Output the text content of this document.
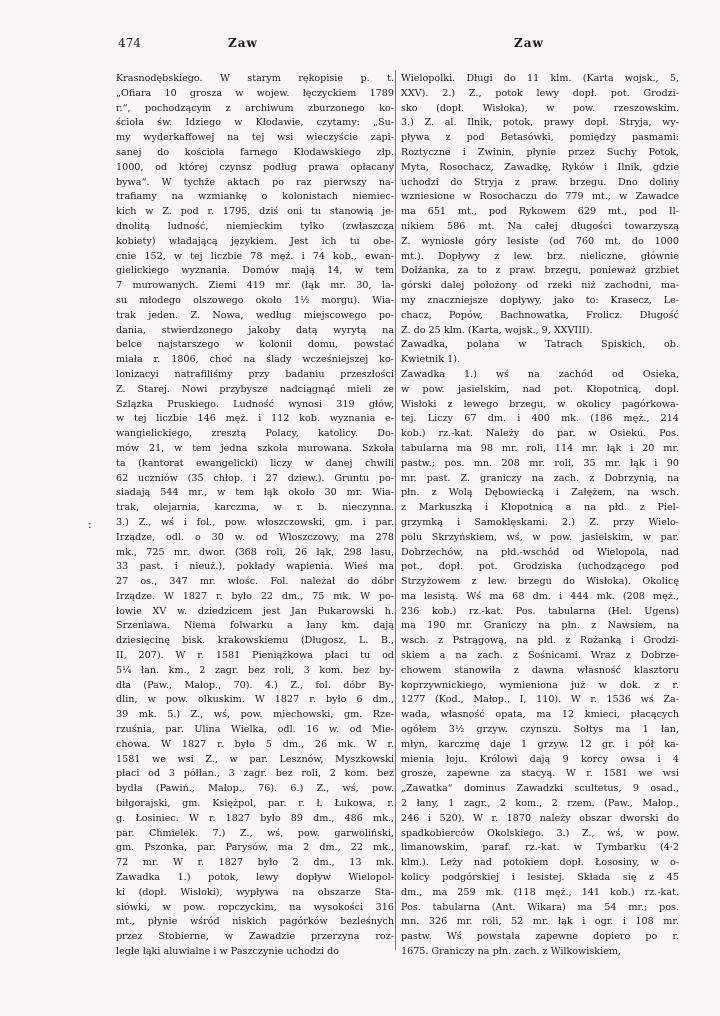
474	Zaw	Zaw
:
Krasnodębskiego. W starym rękopisie p. t.
„Ofiara 10 grosza w wojew. łęczyckiem 1789
r.“, pochodzącym z archiwum zburzonego ko-
ścioła św. Idziego w Kłodawie, czytamy: „Su-
my wyderkaffowej na tej wsi wieczyście zapi-
sanej do kościoła farnego Kłodawskiego złp.
1000, od której czynsz podług prawa opłacany
bywa“. W tychże aktach po raz pierwszy na-
trafiamy na wzmiankę o kolonistach niemiec-
kich w Z. pod r. 1795, dziś oni tu stanowią je-
dnolitą ludność, niemieckim tylko (zwłaszcza
kobiety) władającą językiem. Jest ich tu obe-
cnie 152, w tej liczbie 78 męż. i 74 kob., ewan-
gielickiego wyznania. Domów mają 14, w tem
7 murowanych. Ziemi 419 mr. (łąk mr. 30, la-
su młodego olszowego około 1½ morgu). Wia-
trak jeden. Z. Nowa, według miejscowego po-
dania, stwierdzonego jakoby datą wyrytą na
belce najstarszego w kolonii domu, powstać
miała r. 1806, choć na ślady wcześniejszej ko-
lonizacyi natrafiliśmy przy badaniu przeszłości
Z. Starej. Nowi przybysze nadciągnąć mieli ze
Szlązka Pruskiego. Ludność wynosi 319 głów,
w tej liczbie 146 męż. i 112 kob. wyznania e-
wangielickiego, zresztą Polacy, katolicy. Do-
mów 21, w tem jedna szkoła murowana. Szkoła
ta (kantorat ewangelicki) liczy w danej chwili
62 uczniów (35 chłop. i 27 dziew.). Gruntu po-
siadają 544 mr., w tem łąk około 30 mr. Wia-
trak, olejarnia, karczma, w r. b. nieczynna.
3.) Z., wś i fol., pow. włoszczowski, gm. i par.
Irządze, odl. o 30 w. od Włoszczowy, ma 278
mk., 725 mr. dwor. (368 roli, 26 łąk, 298 lasu,
33 past. i nieuż.), pokłady wapienia. Wieś ma
27 os., 347 mr. włośc. Fol. należał do dóbr
Irządze. W 1827 r. było 22 dm., 75 mk. W po-
łowie XV w. dziedzicem jest Jan Pukarowski h.
Srzeniawa. Niema folwarku a łany km. dają
dziesięcinę bisk. krakowskiemu (Długosz, L. B.,
II, 207). W r. 1581 Pieniążkowa płaci tu od
5¼ łan. km., 2 zagr. bez roli, 3 kom. bez by-
dła (Paw., Małop., 70). 4.) Z., fol. dóbr By-
dlin, w pow. olkuskim. W 1827 r. było 6 dm.,
39 mk. 5.) Z., wś, pow. miechowski, gm. Rze-
rzuśnia, par. Ulina Wielka, odl. 16 w. od Mie-
chowa. W 1827 r. było 5 dm., 26 mk. W r.
1581 we wsi Z., w par. Lesznów, Myszkowski
płaci od 3 półłan., 3 zagr. bez roli, 2 kom. bez
bydła (Pawiń., Małop., 76). 6.) Z., wś, pow.
biłgorajski, gm. Księżpol, par. r. ł. Łukowa, r.
g. Łosiniec. W r. 1827 było 89 dm., 486 mk.,
par. Chmielek. 7.) Z., wś, pow. garwoliński,
gm. Pszonka, par. Parysów, ma 2 dm., 22 mk.,
72 mr. W r. 1827 było 2 dm., 13 mk.
Zawadka 1.) potok, lewy dopływ Wielopol-
ki (dopł. Wisłoki), wypływa na obszarze Sta-
siówki, w pow. ropczyckim, na wysokości 316
mt., płynie wśród niskich pagórków bezleśnych
przez Stobierne, w Zawadzie przerzyna roz-
ległe łąki aluwialne i w Paszczynie uchodzi do
Wielopolki. Długi do 11 klm. (Karta wojsk., 5,
XXV). 2.) Z., potok lewy dopł. pot. Grodzi-
sko (dopł. Wisłoka), w pow. rzeszowskim.
3.) Z. al. Ilnik, potok, prawy dopł. Stryja, wy-
pływa z pod Betasówki, pomiędzy pasmami:
Roztyczne i Zwinin, płynie przez Suchy Potok,
Myta, Rosochacz, Zawadkę, Ryków i Ilnik, gdzie
uchodzi do Stryja z praw. brzegu. Dno doliny
wzniesione w Rosochaczu do 779 mt., w Zawadce
ma 651 mt., pod Rykowem 629 mt., pod Il-
nikiem 586 mt. Na całej długości towarzyszą
Z. wyniosłe góry lesiste (od 760 mt. do 1000
mt.). Dopływy z lew. brz. nieliczne, głównie
Dołżanka, za to z praw. brzegu, ponieważ grzbiet
górski dalej położony od rzeki niż zachodni, ma-
my znaczniejsze dopływy, jako to: Krasecz, Le-
chacz, Popów, Bachnowatka, Frolicz. Długość
Z. do 25 klm. (Karta, wojsk., 9, XXVIII).
Zawadka, polana w Tatrach Spiskich, ob.
Kwietnik 1).
Zawadka 1.) wś na zachód od Osieka,
w pow. jasielskim, nad pot. Kłopotnicą, dopł.
Wisłoki z lewego brzegu, w okolicy pagórkowa-
tej. Liczy 67 dm. i 400 mk. (186 męż., 214
kob.) rz.-kat. Należy do par. w Osieku. Pos.
tabularna ma 98 mr. roli, 114 mr. łąk i 20 mr.
pastw.; pos. mn. 208 mr. roli, 35 mr. łąk i 90
mr. past. Z. graniczy na zach. z Dobrzynią, na
płn. z Wolą Dębowiecką i Załężem, na wsch.
z Markuszką i Kłopotnicą a na płd. z Piel-
grzymką i Samoklęskami. 2.) Z. przy Wielo-
polu Skrzyńskiem, wś, w pow. jasielskim, w par.
Dobrzechów, na płd.-wschód od Wielopola, nad
pot., dopł. pot. Grodziska (uchodzącego pod
Strzyżowem z lew. brzegu do Wisłoka). Okolicę
ma lesistą. Wś ma 68 dm. i 444 mk. (208 męż.,
236 kob.) rz.-kat. Pos. tabularna (Hel. Ugens)
ma 190 mr. Graniczy na płn. z Nawsiem, na
wsch. z Pstrągową, na płd. z Rożanką i Grodzi-
skiem a na zach. z Sośnicami. Wraz z Dobrze-
chowem stanowiła z dawna własność klasztoru
koprzywnickiego, wymieniona już w dok. z r.
1277 (Kod., Małop., I, 110). W r. 1536 wś Za-
wada, własność opata, ma 12 kmieci, płacących
ogółem 3½ grzyw. czynszu. Sołtys ma 1 łan,
młyn, karczmę daje 1 grzyw. 12 gr. i pół ka-
mienia łoju. Królowi dają 9 korcy owsa i 4
grosze, zapewne za stacyą. W r. 1581 we wsi
„Zawatka“ dominus Zawadzki scultetus, 9 osad.,
2 łany, 1 zagr., 2 kom., 2 rzem. (Paw., Małop.,
246 i 520). W r. 1870 należy obszar dworski do
spadkobierców Okolskiego. 3.) Z., wś, w pow.
limanowskim, paraf. rz.-kat. w Tymbarku (4·2
klm.). Leży nad potokiem dopł. Łososiny, w o-
kolicy podgórskiej i lesistej. Składa się z 45
dm., ma 259 mk. (118 męż., 141 kob.) rz.-kat.
Pos. tabularna (Ant. Wikara) ma 54 mr.; pos.
mn. 326 mr. roli, 52 mr. łąk i ogr. i 108 mr.
pastw. Wś powstała zapewne dopiero po r.
1675. Graniczy na płn. zach. z Wilkowiskiem,
